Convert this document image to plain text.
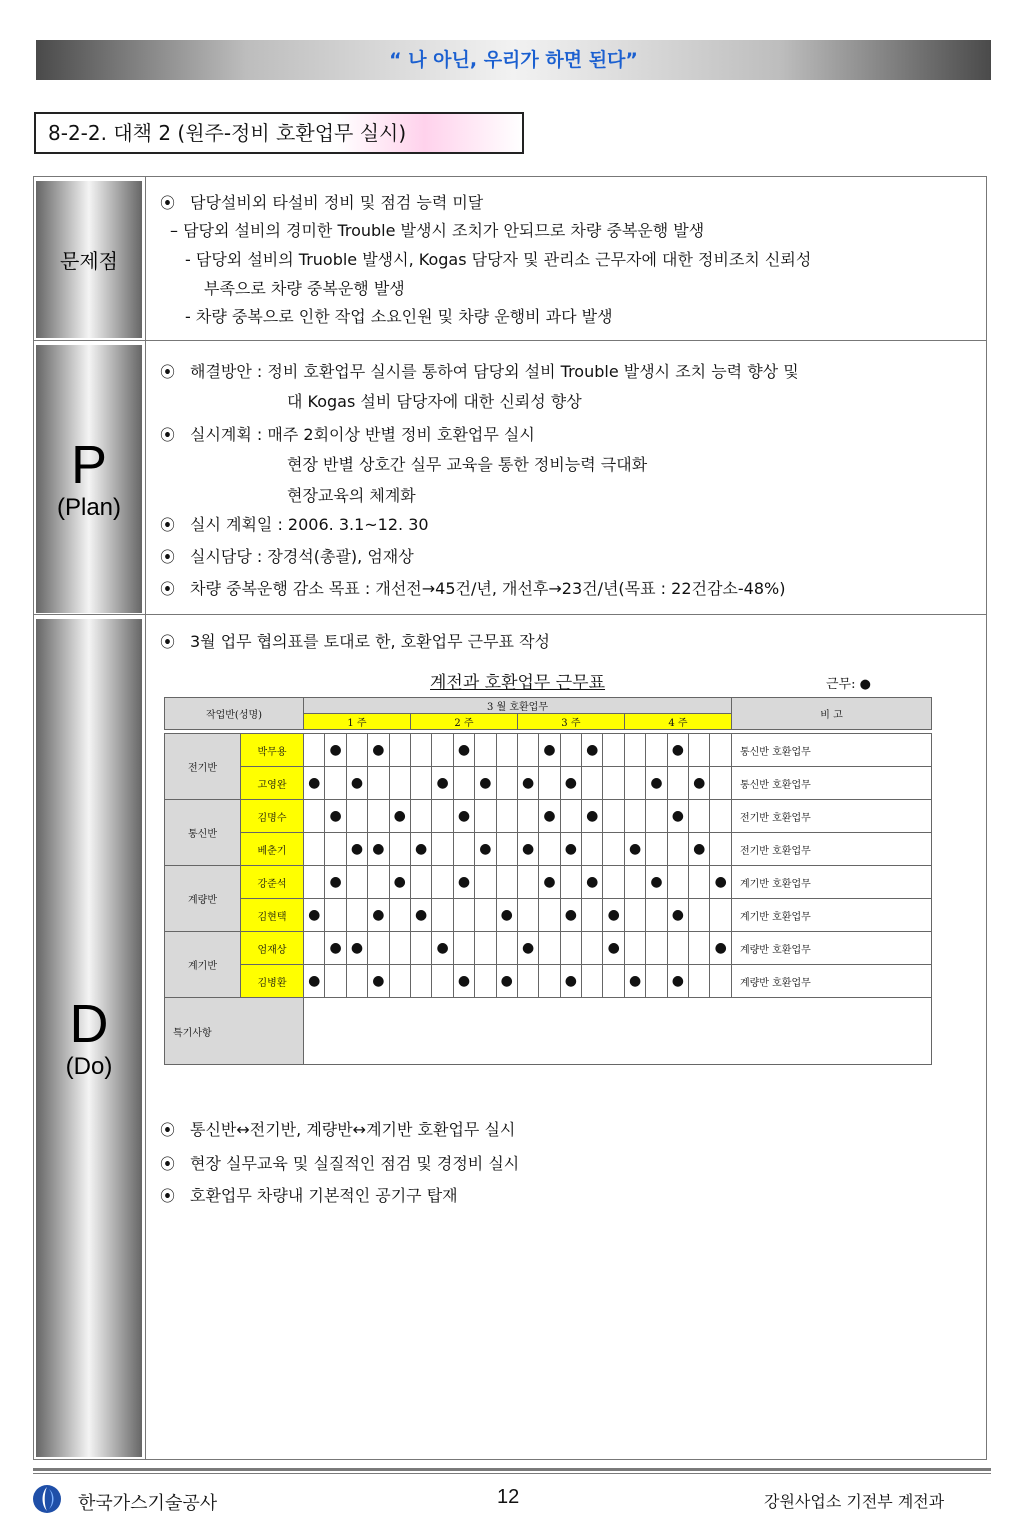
“ 나 아닌, 우리가 하면 된다”
8-2-2. 대책 2 (원주-정비 호환업무 실시)
문제점
P
(Plan)
D
(Do)
⦿ 담당설비외 타설비 정비 및 점검 능력 미달
– 담당외 설비의 경미한 Trouble 발생시 조치가 안되므로 차량 중복운행 발생
- 담당외 설비의 Truoble 발생시, Kogas 담당자 및 관리소 근무자에 대한 정비조치 신뢰성
부족으로 차량 중복운행 발생
- 차량 중복으로 인한 작업 소요인원 및 차량 운행비 과다 발생
⦿ 해결방안 : 정비 호환업무 실시를 통하여 담당외 설비 Trouble 발생시 조치 능력 향상 및
대 Kogas 설비 담당자에 대한 신뢰성 향상
⦿ 실시계획 : 매주 2회이상 반별 정비 호환업무 실시
현장 반별 상호간 실무 교육을 통한 정비능력 극대화
현장교육의 체계화
⦿ 실시 계획일 : 2006. 3.1~12. 30
⦿ 실시담당 : 장경석(총괄), 엄재상
⦿ 차량 중복운행 감소 목표 : 개선전→45건/년, 개선후→23건/년(목표 : 22건감소-48%)
⦿ 3월 업무 협의표를 토대로 한, 호환업무 근무표 작성
계전과 호환업무 근무표	근무: ●
작업반(성명)		3 월 호환업무																				비 고
		1 주					2 주					3 주					4 주					

전기반	박무용		●		●				●				●		●				●			통신반 호환업무
	고영완	●		●				●		●		●		●				●		●		통신반 호환업무
통신반	김명수		●			●			●				●		●				●			전기반 호환업무
	베춘기			●	●		●			●		●		●			●			●		전기반 호환업무
계량반	강준석		●			●			●				●		●			●			●	계기반 호환업무
	김현택	●			●		●				●			●		●			●			계기반 호환업무
계기반	엄재상		●	●				●				●				●					●	계량반 호환업무
	김병환	●			●				●		●			●			●		●			계량반 호환업무
특기사항																						
⦿ 통신반↔전기반, 계량반↔계기반 호환업무 실시
⦿ 현장 실무교육 및 실질적인 점검 및 경정비 실시
⦿ 호환업무 차량내 기본적인 공기구 탑재
한국가스기술공사	12	강원사업소 기전부 계전과
